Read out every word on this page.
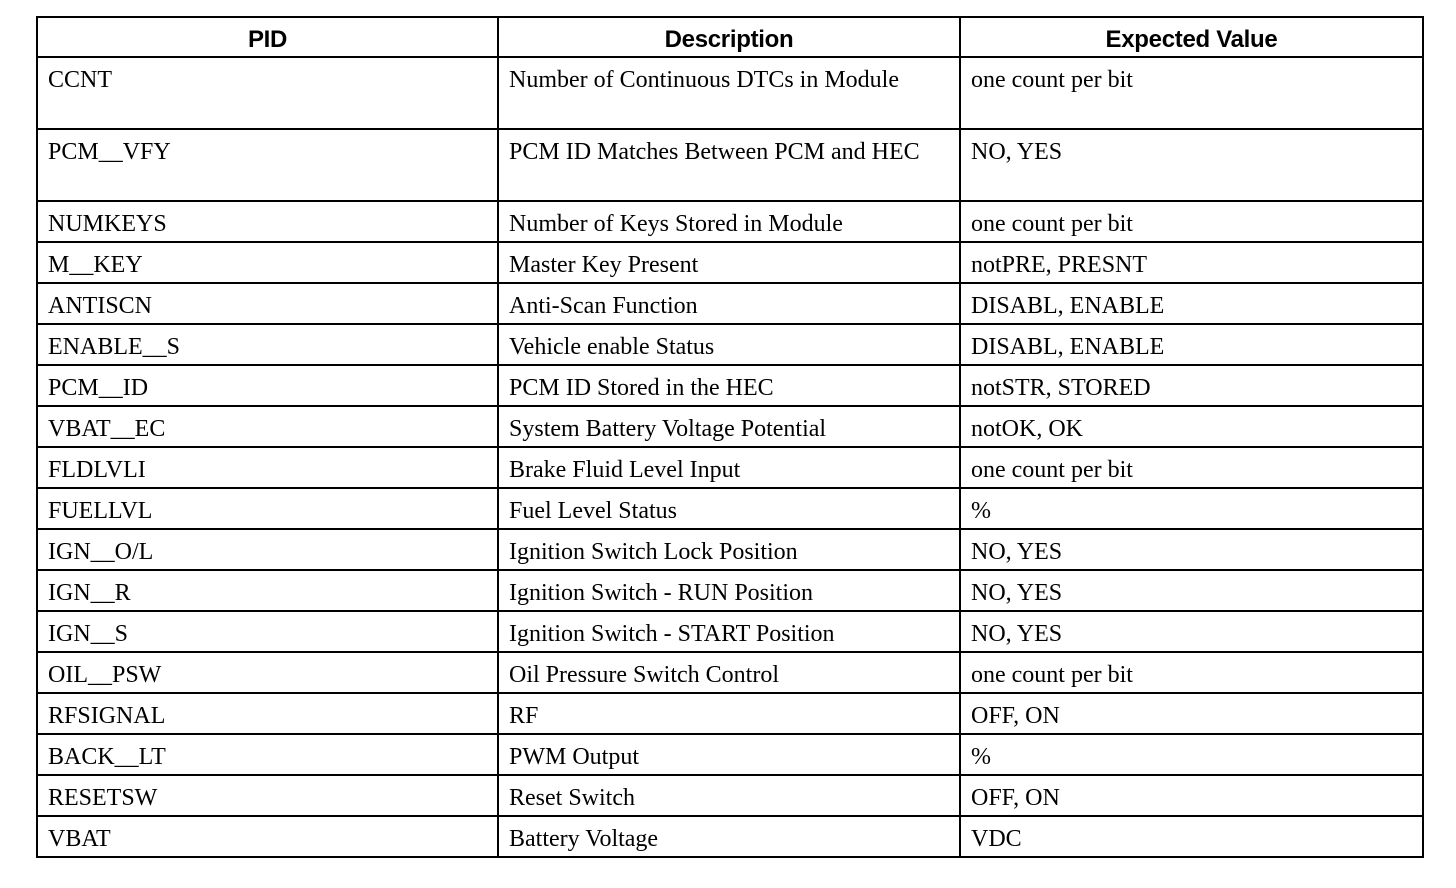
PID	Description	Expected Value
CCNT	Number of Continuous DTCs in Module	one count per bit
PCM__VFY	PCM ID Matches Between PCM and HEC	NO, YES
NUMKEYS	Number of Keys Stored in Module	one count per bit
M__KEY	Master Key Present	notPRE, PRESNT
ANTISCN	Anti-Scan Function	DISABL, ENABLE
ENABLE__S	Vehicle enable Status	DISABL, ENABLE
PCM__ID	PCM ID Stored in the HEC	notSTR, STORED
VBAT__EC	System Battery Voltage Potential	notOK, OK
FLDLVLI	Brake Fluid Level Input	one count per bit
FUELLVL	Fuel Level Status	%
IGN__O/L	Ignition Switch Lock Position	NO, YES
IGN__R	Ignition Switch - RUN Position	NO, YES
IGN__S	Ignition Switch - START Position	NO, YES
OIL__PSW	Oil Pressure Switch Control	one count per bit
RFSIGNAL	RF	OFF, ON
BACK__LT	PWM Output	%
RESETSW	Reset Switch	OFF, ON
VBAT	Battery Voltage	VDC
